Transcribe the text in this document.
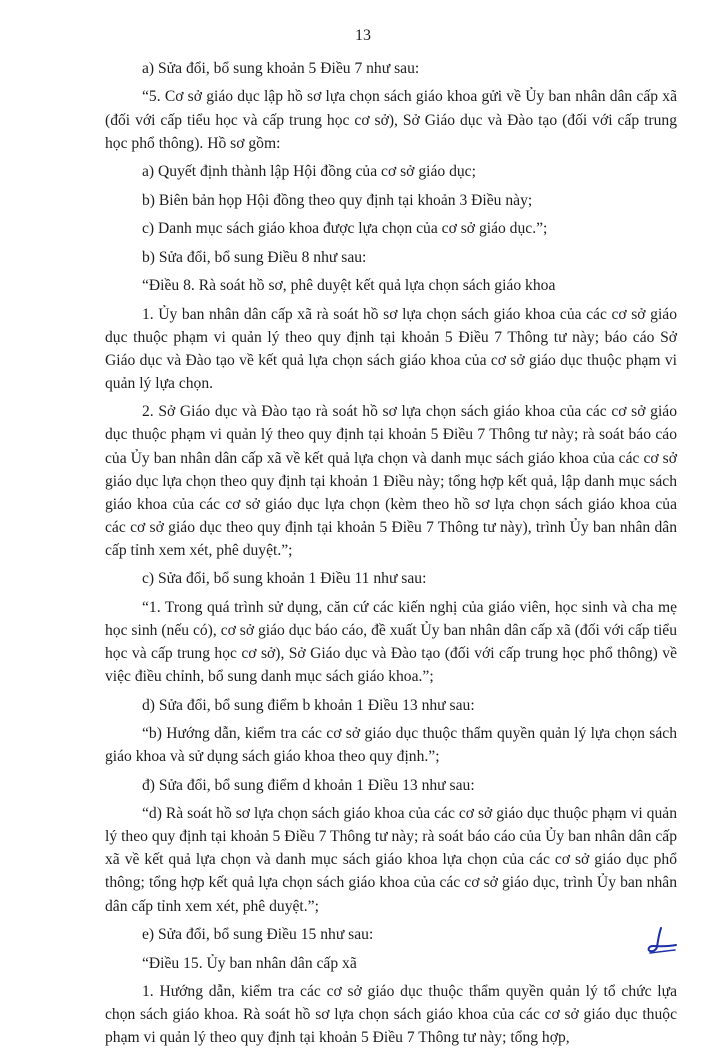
13

a) Sửa đổi, bổ sung khoản 5 Điều 7 như sau:

“5. Cơ sở giáo dục lập hồ sơ lựa chọn sách giáo khoa gửi về Ủy ban nhân dân cấp xã (đối với cấp tiểu học và cấp trung học cơ sở), Sở Giáo dục và Đào tạo (đối với cấp trung học phổ thông). Hồ sơ gồm:

a) Quyết định thành lập Hội đồng của cơ sở giáo dục;

b) Biên bản họp Hội đồng theo quy định tại khoản 3 Điều này;

c) Danh mục sách giáo khoa được lựa chọn của cơ sở giáo dục.”;

b) Sửa đổi, bổ sung Điều 8 như sau:

“Điều 8. Rà soát hồ sơ, phê duyệt kết quả lựa chọn sách giáo khoa

1. Ủy ban nhân dân cấp xã rà soát hồ sơ lựa chọn sách giáo khoa của các cơ sở giáo dục thuộc phạm vi quản lý theo quy định tại khoản 5 Điều 7 Thông tư này; báo cáo Sở Giáo dục và Đào tạo về kết quả lựa chọn sách giáo khoa của cơ sở giáo dục thuộc phạm vi quản lý lựa chọn.

2. Sở Giáo dục và Đào tạo rà soát hồ sơ lựa chọn sách giáo khoa của các cơ sở giáo dục thuộc phạm vi quản lý theo quy định tại khoản 5 Điều 7 Thông tư này; rà soát báo cáo của Ủy ban nhân dân cấp xã về kết quả lựa chọn và danh mục sách giáo khoa của các cơ sở giáo dục lựa chọn theo quy định tại khoản 1 Điều này; tổng hợp kết quả, lập danh mục sách giáo khoa của các cơ sở giáo dục lựa chọn (kèm theo hồ sơ lựa chọn sách giáo khoa của các cơ sở giáo dục theo quy định tại khoản 5 Điều 7 Thông tư này), trình Ủy ban nhân dân cấp tỉnh xem xét, phê duyệt.”;

c) Sửa đổi, bổ sung khoản 1 Điều 11 như sau:

“1. Trong quá trình sử dụng, căn cứ các kiến nghị của giáo viên, học sinh và cha mẹ học sinh (nếu có), cơ sở giáo dục báo cáo, đề xuất Ủy ban nhân dân cấp xã (đối với cấp tiểu học và cấp trung học cơ sở), Sở Giáo dục và Đào tạo (đối với cấp trung học phổ thông) về việc điều chỉnh, bổ sung danh mục sách giáo khoa.”;

d) Sửa đổi, bổ sung điểm b khoản 1 Điều 13 như sau:

“b) Hướng dẫn, kiểm tra các cơ sở giáo dục thuộc thẩm quyền quản lý lựa chọn sách giáo khoa và sử dụng sách giáo khoa theo quy định.”;

đ) Sửa đổi, bổ sung điểm d khoản 1 Điều 13 như sau:

“d) Rà soát hồ sơ lựa chọn sách giáo khoa của các cơ sở giáo dục thuộc phạm vi quản lý theo quy định tại khoản 5 Điều 7 Thông tư này; rà soát báo cáo của Ủy ban nhân dân cấp xã về kết quả lựa chọn và danh mục sách giáo khoa lựa chọn của các cơ sở giáo dục phổ thông; tổng hợp kết quả lựa chọn sách giáo khoa của các cơ sở giáo dục, trình Ủy ban nhân dân cấp tỉnh xem xét, phê duyệt.”;

e) Sửa đổi, bổ sung Điều 15 như sau:

“Điều 15. Ủy ban nhân dân cấp xã

1. Hướng dẫn, kiểm tra các cơ sở giáo dục thuộc thẩm quyền quản lý tổ chức lựa chọn sách giáo khoa. Rà soát hồ sơ lựa chọn sách giáo khoa của các cơ sở giáo dục thuộc phạm vi quản lý theo quy định tại khoản 5 Điều 7 Thông tư này; tổng hợp,
